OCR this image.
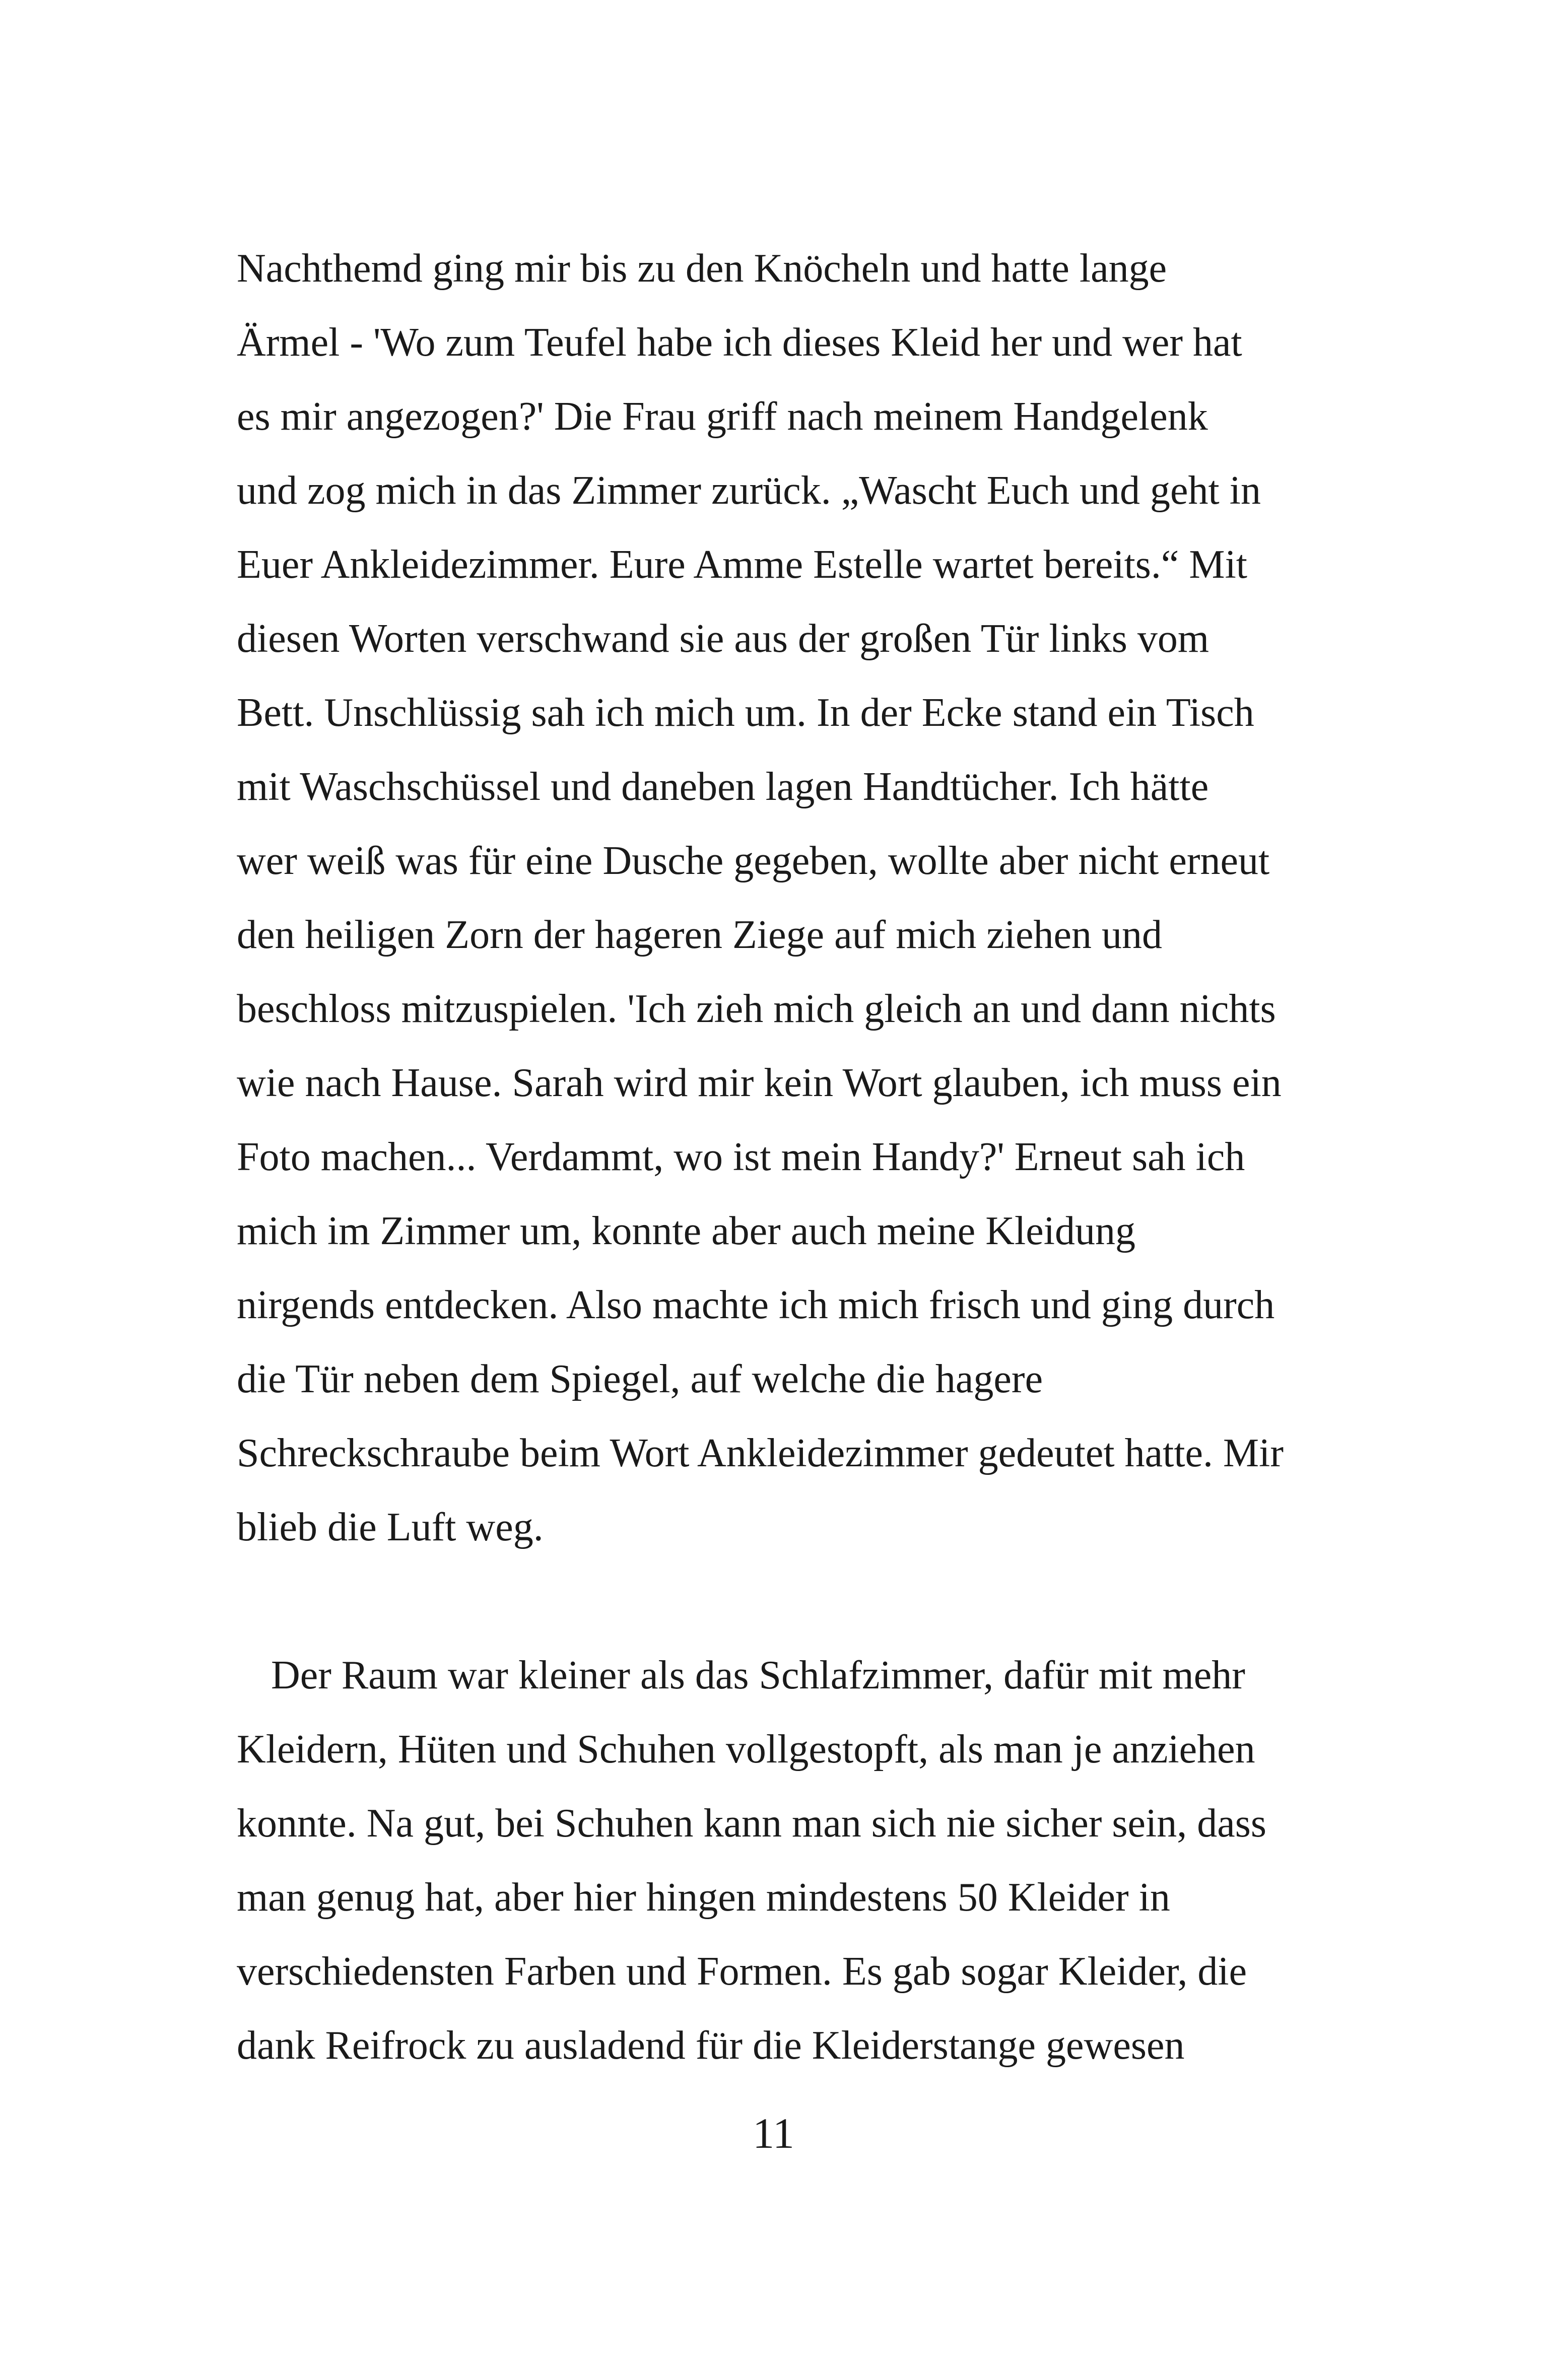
Nachthemd ging mir bis zu den Knöcheln und hatte lange
Ärmel - 'Wo zum Teufel habe ich dieses Kleid her und wer hat
es mir angezogen?' Die Frau griff nach meinem Handgelenk
und zog mich in das Zimmer zurück. „Wascht Euch und geht in
Euer Ankleidezimmer. Eure Amme Estelle wartet bereits.“ Mit
diesen Worten verschwand sie aus der großen Tür links vom
Bett. Unschlüssig sah ich mich um. In der Ecke stand ein Tisch
mit Waschschüssel und daneben lagen Handtücher. Ich hätte
wer weiß was für eine Dusche gegeben, wollte aber nicht erneut
den heiligen Zorn der hageren Ziege auf mich ziehen und
beschloss mitzuspielen. 'Ich zieh mich gleich an und dann nichts
wie nach Hause. Sarah wird mir kein Wort glauben, ich muss ein
Foto machen... Verdammt, wo ist mein Handy?' Erneut sah ich
mich im Zimmer um, konnte aber auch meine Kleidung
nirgends entdecken. Also machte ich mich frisch und ging durch
die Tür neben dem Spiegel, auf welche die hagere
Schreckschraube beim Wort Ankleidezimmer gedeutet hatte. Mir
blieb die Luft weg.
Der Raum war kleiner als das Schlafzimmer, dafür mit mehr
Kleidern, Hüten und Schuhen vollgestopft, als man je anziehen
konnte. Na gut, bei Schuhen kann man sich nie sicher sein, dass
man genug hat, aber hier hingen mindestens 50 Kleider in
verschiedensten Farben und Formen. Es gab sogar Kleider, die
dank Reifrock zu ausladend für die Kleiderstange gewesen
11
